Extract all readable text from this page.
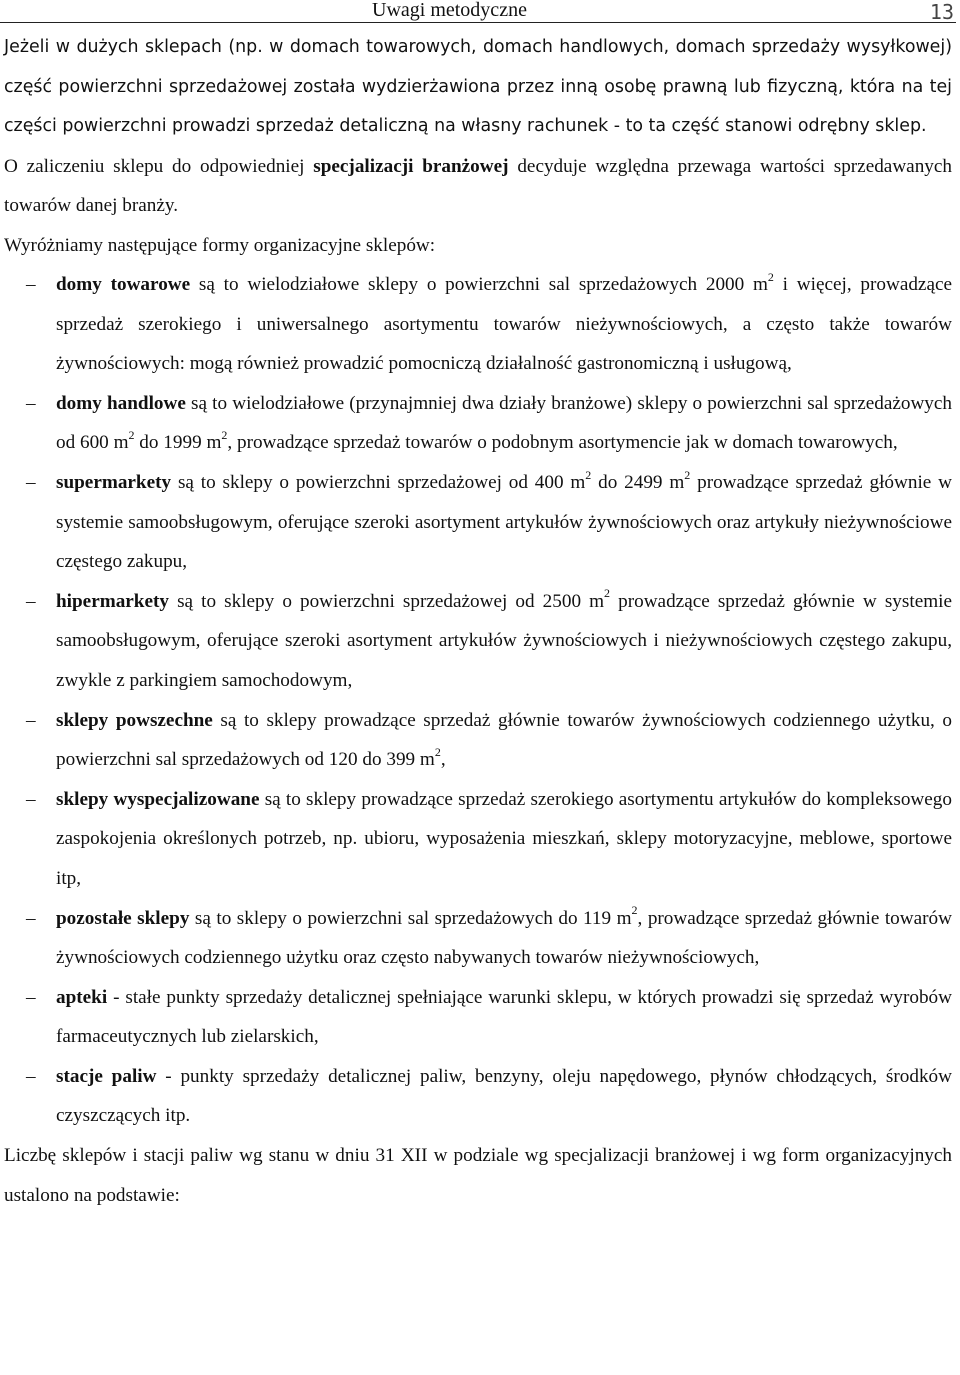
Uwagi metodyczne	13

Jeżeli w dużych sklepach (np. w domach towarowych, domach handlowych, domach sprzedaży wysyłkowej) część powierzchni sprzedażowej została wydzierżawiona przez inną osobę prawną lub fizyczną, która na tej części powierzchni prowadzi sprzedaż detaliczną na własny rachunek - to ta część stanowi odrębny sklep.

O zaliczeniu sklepu do odpowiedniej specjalizacji branżowej decyduje względna przewaga wartości sprzedawanych towarów danej branży.

Wyróżniamy następujące formy organizacyjne sklepów:

– domy towarowe są to wielodziałowe sklepy o powierzchni sal sprzedażowych 2000 $m^2$ i więcej, prowadzące sprzedaż szerokiego i uniwersalnego asortymentu towarów nieżywnościowych, a często także towarów żywnościowych: mogą również prowadzić pomocniczą działalność gastronomiczną i usługową,
– domy handlowe są to wielodziałowe (przynajmniej dwa działy branżowe) sklepy o powierzchni sal sprzedażowych od 600 $m^2$ do 1999 $m^2$, prowadzące sprzedaż towarów o podobnym asortymencie jak w domach towarowych,
– supermarkety są to sklepy o powierzchni sprzedażowej od 400 $m^2$ do 2499 $m^2$ prowadzące sprzedaż głównie w systemie samoobsługowym, oferujące szeroki asortyment artykułów żywnościowych oraz artykuły nieżywnościowe częstego zakupu,
– hipermarkety są to sklepy o powierzchni sprzedażowej od 2500 $m^2$ prowadzące sprzedaż głównie w systemie samoobsługowym, oferujące szeroki asortyment artykułów żywnościowych i nieżywnościowych częstego zakupu, zwykle z parkingiem samochodowym,
– sklepy powszechne są to sklepy prowadzące sprzedaż głównie towarów żywnościowych codziennego użytku, o powierzchni sal sprzedażowych od 120 do 399 $m^2$,
– sklepy wyspecjalizowane są to sklepy prowadzące sprzedaż szerokiego asortymentu artykułów do kompleksowego zaspokojenia określonych potrzeb, np. ubioru, wyposażenia mieszkań, sklepy motoryzacyjne, meblowe, sportowe itp,
– pozostałe sklepy są to sklepy o powierzchni sal sprzedażowych do 119 $m^2$, prowadzące sprzedaż głównie towarów żywnościowych codziennego użytku oraz często nabywanych towarów nieżywnościowych,
– apteki - stałe punkty sprzedaży detalicznej spełniające warunki sklepu, w których prowadzi się sprzedaż wyrobów farmaceutycznych lub zielarskich,
– stacje paliw - punkty sprzedaży detalicznej paliw, benzyny, oleju napędowego, płynów chłodzących, środków czyszczących itp.

Liczbę sklepów i stacji paliw wg stanu w dniu 31 XII w podziale wg specjalizacji branżowej i wg form organizacyjnych ustalono na podstawie:
